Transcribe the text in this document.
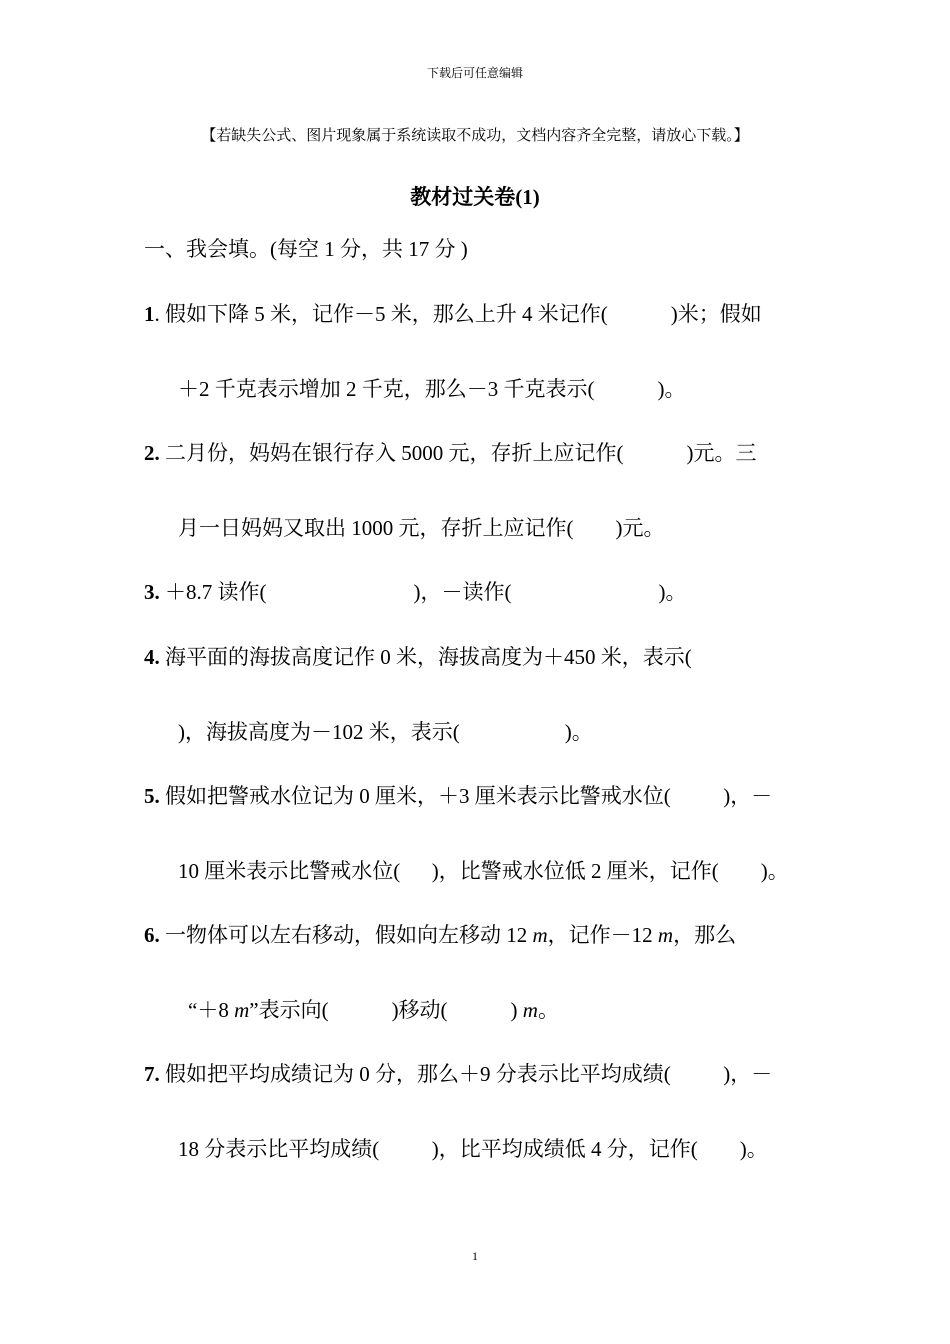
下载后可任意编辑
【若缺失公式、图片现象属于系统读取不成功，文档内容齐全完整，请放心下载。】
教材过关卷(1)
一、我会填。(每空 1 分，共 17 分 )
1. 假如下降 5 米，记作－5 米，那么上升 4 米记作(            )米；假如
＋2 千克表示增加 2 千克，那么－3 千克表示(            )。
2. 二月份，妈妈在银行存入 5000 元，存折上应记作(            )元。三
月一日妈妈又取出 1000 元，存折上应记作(        )元。
3. ＋8.7 读作(                            )，－读作(                            )。
4. 海平面的海拔高度记作 0 米，海拔高度为＋450 米，表示(
)，海拔高度为－102 米，表示(                    )。
5. 假如把警戒水位记为 0 厘米，＋3 厘米表示比警戒水位(          )，－
10 厘米表示比警戒水位(      )，比警戒水位低 2 厘米，记作(        )。
6. 一物体可以左右移动，假如向左移动 12 m，记作－12 m，那么
“＋8 m”表示向(            )移动(            ) m。
7. 假如把平均成绩记为 0 分，那么＋9 分表示比平均成绩(          )，－
18 分表示比平均成绩(          )，比平均成绩低 4 分，记作(        )。
1
